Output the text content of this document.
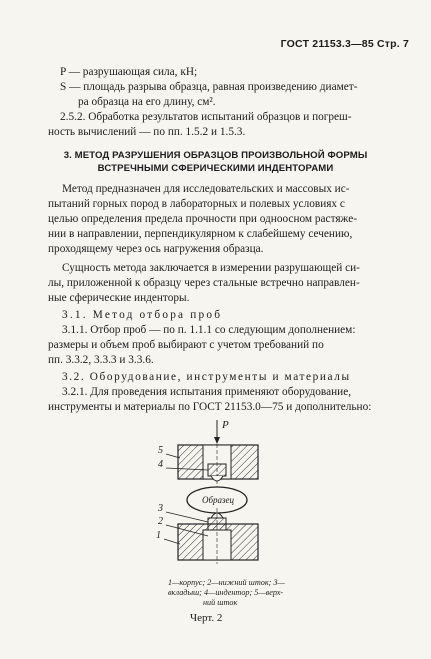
ГОСТ 21153.3—85 Стр. 7
P — разрушающая сила, кН;
S — площадь разрыва образца, равная произведению диамет-
ра образца на его длину, см².
2.5.2. Обработка результатов испытаний образцов и погреш-
ность вычислений — по пп. 1.5.2 и 1.5.3.
3. МЕТОД РАЗРУШЕНИЯ ОБРАЗЦОВ ПРОИЗВОЛЬНОЙ ФОРМЫ
ВСТРЕЧНЫМИ СФЕРИЧЕСКИМИ ИНДЕНТОРАМИ
Метод предназначен для исследовательских и массовых ис-
пытаний горных пород в лабораторных и полевых условиях с
целью определения предела прочности при одноосном растяже-
нии в направлении, перпендикулярном к слабейшему сечению,
проходящему через ось нагружения образца.
Сущность метода заключается в измерении разрушающей си-
лы, приложенной к образцу через стальные встречно направлен-
ные сферические инденторы.
3.1. Метод отбора проб
3.1.1. Отбор проб — по п. 1.1.1 со следующим дополнением:
размеры и объем проб выбирают с учетом требований по
пп. 3.3.2, 3.3.3 и 3.3.6.
3.2. Оборудование, инструменты и материалы
3.2.1. Для проведения испытания применяют оборудование,
инструменты и материалы по ГОСТ 21153.0—75 и дополнительно:
P
Образец
5
4
3
2
1
1—корпус; 2—нижний шток; 3—
вкладыш; 4—индентор; 5—верх-
ний шток
Черт. 2
